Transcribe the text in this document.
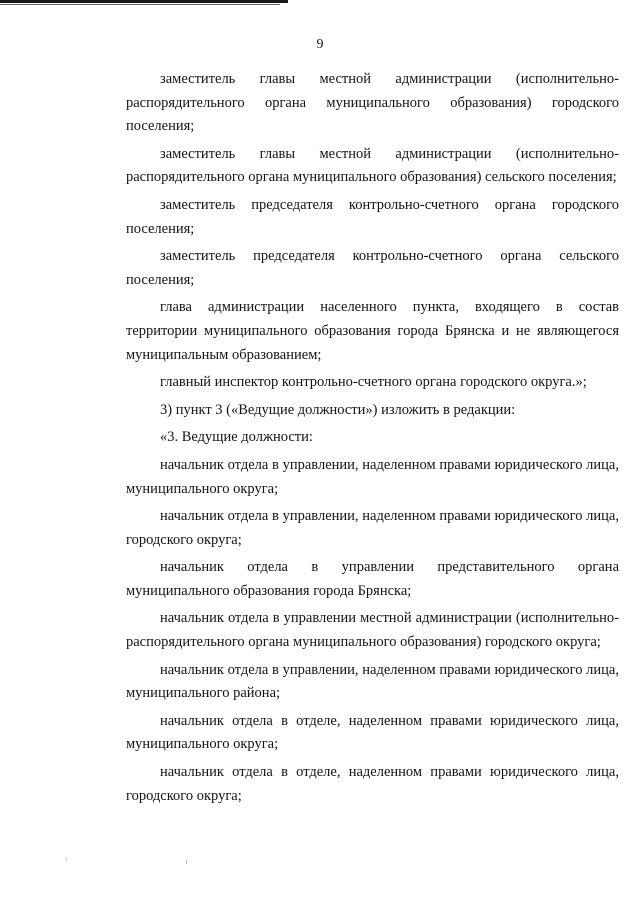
9

заместитель главы местной администрации (исполнительно-распорядительного органа муниципального образования) городского поселения;

заместитель главы местной администрации (исполнительно-распорядительного органа муниципального образования) сельского поселения;

заместитель председателя контрольно-счетного органа городского поселения;

заместитель председателя контрольно-счетного органа сельского поселения;

глава администрации населенного пункта, входящего в состав территории муниципального образования города Брянска и не являющегося муниципальным образованием;

главный инспектор контрольно-счетного органа городского округа.»;

3) пункт 3 («Ведущие должности») изложить в редакции:

«3. Ведущие должности:

начальник отдела в управлении, наделенном правами юридического лица, муниципального округа;

начальник отдела в управлении, наделенном правами юридического лица, городского округа;

начальник отдела в управлении представительного органа муниципального образования города Брянска;

начальник отдела в управлении местной администрации (исполнительно-распорядительного органа муниципального образования) городского округа;

начальник отдела в управлении, наделенном правами юридического лица, муниципального района;

начальник отдела в отделе, наделенном правами юридического лица, муниципального округа;

начальник отдела в отделе, наделенном правами юридического лица, городского округа;
